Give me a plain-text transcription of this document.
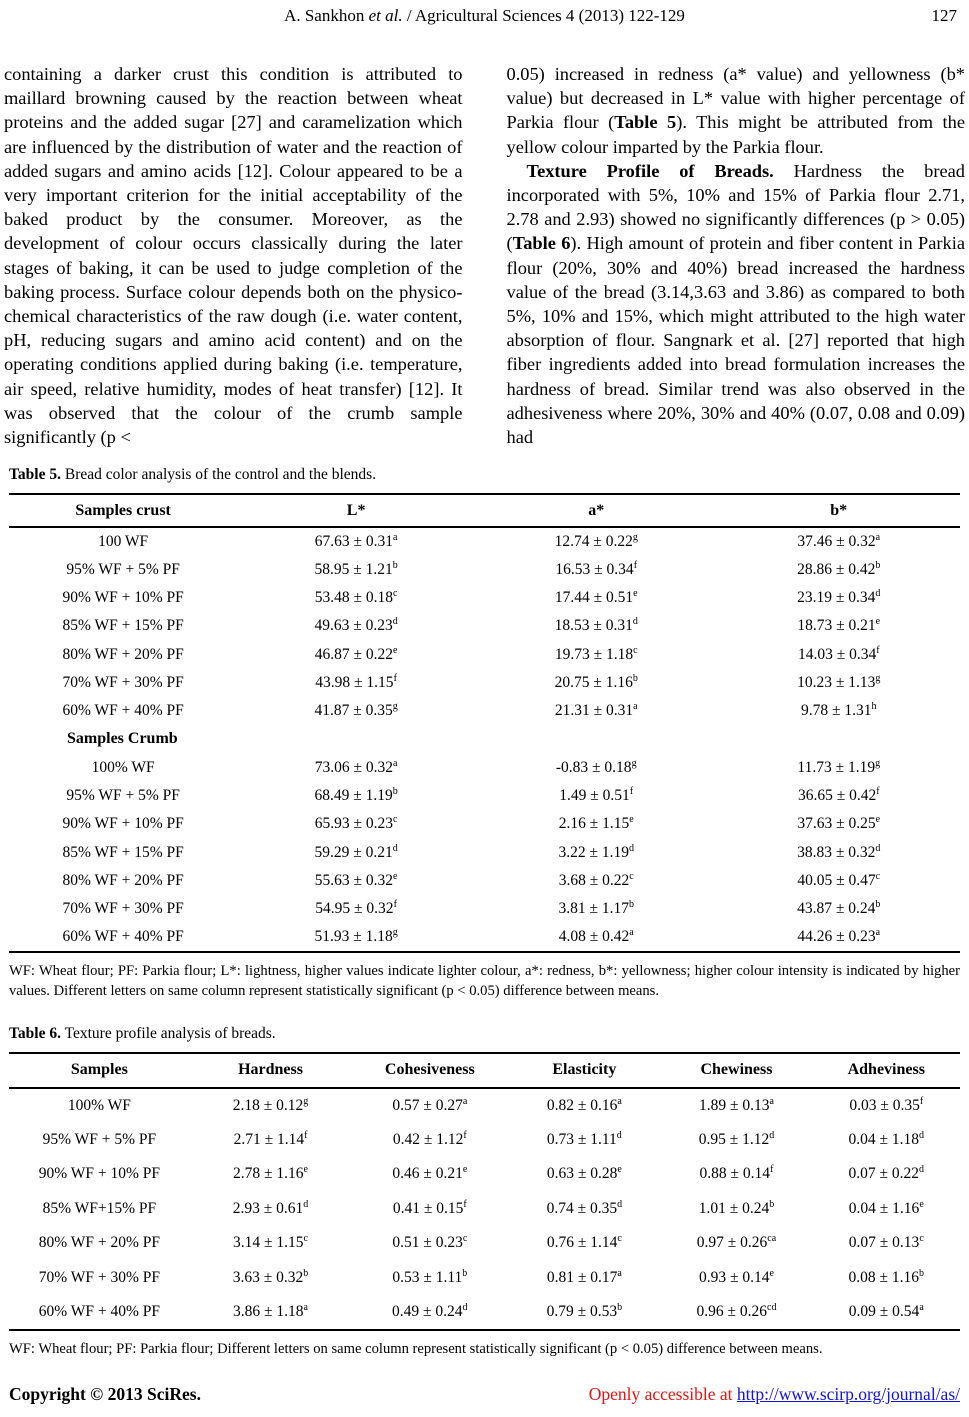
A. Sankhon et al. / Agricultural Sciences 4 (2013) 122-129	127

containing a darker crust this condition is attributed to maillard browning caused by the reaction between wheat proteins and the added sugar [27] and caramelization which are influenced by the distribution of water and the reaction of added sugars and amino acids [12]. Colour appeared to be a very important criterion for the initial acceptability of the baked product by the consumer. Moreover, as the development of colour occurs classically during the later stages of baking, it can be used to judge completion of the baking process. Surface colour depends both on the physico-chemical characteristics of the raw dough (i.e. water content, pH, reducing sugars and amino acid content) and on the operating conditions applied during baking (i.e. temperature, air speed, relative humidity, modes of heat transfer) [12]. It was observed that the colour of the crumb sample significantly (p <

0.05) increased in redness (a* value) and yellowness (b* value) but decreased in L* value with higher percentage of Parkia flour (Table 5). This might be attributed from the yellow colour imparted by the Parkia flour.

Texture Profile of Breads. Hardness the bread incorporated with 5%, 10% and 15% of Parkia flour 2.71, 2.78 and 2.93) showed no significantly differences (p > 0.05) (Table 6). High amount of protein and fiber content in Parkia flour (20%, 30% and 40%) bread increased the hardness value of the bread (3.14,3.63 and 3.86) as compared to both 5%, 10% and 15%, which might attributed to the high water absorption of flour. Sangnark et al. [27] reported that high fiber ingredients added into bread formulation increases the hardness of bread. Similar trend was also observed in the adhesiveness where 20%, 30% and 40% (0.07, 0.08 and 0.09) had

Table 5. Bread color analysis of the control and the blends.

Samples crust	L*	a*	b*
100 WF	67.63 ± 0.31$^a$	12.74 ± 0.22$^g$	37.46 ± 0.32$^a$
95% WF + 5% PF	58.95 ± 1.21$^b$	16.53 ± 0.34$^f$	28.86 ± 0.42$^b$
90% WF + 10% PF	53.48 ± 0.18$^c$	17.44 ± 0.51$^e$	23.19 ± 0.34$^d$
85% WF + 15% PF	49.63 ± 0.23$^d$	18.53 ± 0.31$^d$	18.73 ± 0.21$^e$
80% WF + 20% PF	46.87 ± 0.22$^e$	19.73 ± 1.18$^c$	14.03 ± 0.34$^f$
70% WF + 30% PF	43.98 ± 1.15$^f$	20.75 ± 1.16$^b$	10.23 ± 1.13$^g$
60% WF + 40% PF	41.87 ± 0.35$^g$	21.31 ± 0.31$^a$	9.78 ± 1.31$^h$
Samples Crumb			
100% WF	73.06 ± 0.32$^a$	-0.83 ± 0.18$^g$	11.73 ± 1.19$^g$
95% WF + 5% PF	68.49 ± 1.19$^b$	1.49 ± 0.51$^f$	36.65 ± 0.42$^f$
90% WF + 10% PF	65.93 ± 0.23$^c$	2.16 ± 1.15$^e$	37.63 ± 0.25$^e$
85% WF + 15% PF	59.29 ± 0.21$^d$	3.22 ± 1.19$^d$	38.83 ± 0.32$^d$
80% WF + 20% PF	55.63 ± 0.32$^e$	3.68 ± 0.22$^c$	40.05 ± 0.47$^c$
70% WF + 30% PF	54.95 ± 0.32$^f$	3.81 ± 1.17$^b$	43.87 ± 0.24$^b$
60% WF + 40% PF	51.93 ± 1.18$^g$	4.08 ± 0.42$^a$	44.26 ± 0.23$^a$

WF: Wheat flour; PF: Parkia flour; L*: lightness, higher values indicate lighter colour, a*: redness, b*: yellowness; higher colour intensity is indicated by higher values. Different letters on same column represent statistically significant (p < 0.05) difference between means.

Table 6. Texture profile analysis of breads.

Samples	Hardness	Cohesiveness	Elasticity	Chewiness	Adheviness
100% WF	2.18 ± 0.12$^g$	0.57 ± 0.27$^a$	0.82 ± 0.16$^a$	1.89 ± 0.13$^a$	0.03 ± 0.35$^f$
95% WF + 5% PF	2.71 ± 1.14$^f$	0.42 ± 1.12$^f$	0.73 ± 1.11$^d$	0.95 ± 1.12$^d$	0.04 ± 1.18$^d$
90% WF + 10% PF	2.78 ± 1.16$^e$	0.46 ± 0.21$^e$	0.63 ± 0.28$^e$	0.88 ± 0.14$^f$	0.07 ± 0.22$^d$
85% WF+15% PF	2.93 ± 0.61$^d$	0.41 ± 0.15$^f$	0.74 ± 0.35$^d$	1.01 ± 0.24$^b$	0.04 ± 1.16$^e$
80% WF + 20% PF	3.14 ± 1.15$^c$	0.51 ± 0.23$^c$	0.76 ± 1.14$^c$	0.97 ± 0.26$^{ca}$	0.07 ± 0.13$^c$
70% WF + 30% PF	3.63 ± 0.32$^b$	0.53 ± 1.11$^b$	0.81 ± 0.17$^a$	0.93 ± 0.14$^e$	0.08 ± 1.16$^b$
60% WF + 40% PF	3.86 ± 1.18$^a$	0.49 ± 0.24$^d$	0.79 ± 0.53$^b$	0.96 ± 0.26$^{cd}$	0.09 ± 0.54$^a$

WF: Wheat flour; PF: Parkia flour; Different letters on same column represent statistically significant (p < 0.05) difference between means.

Copyright © 2013 SciRes.	Openly accessible at http://www.scirp.org/journal/as/
